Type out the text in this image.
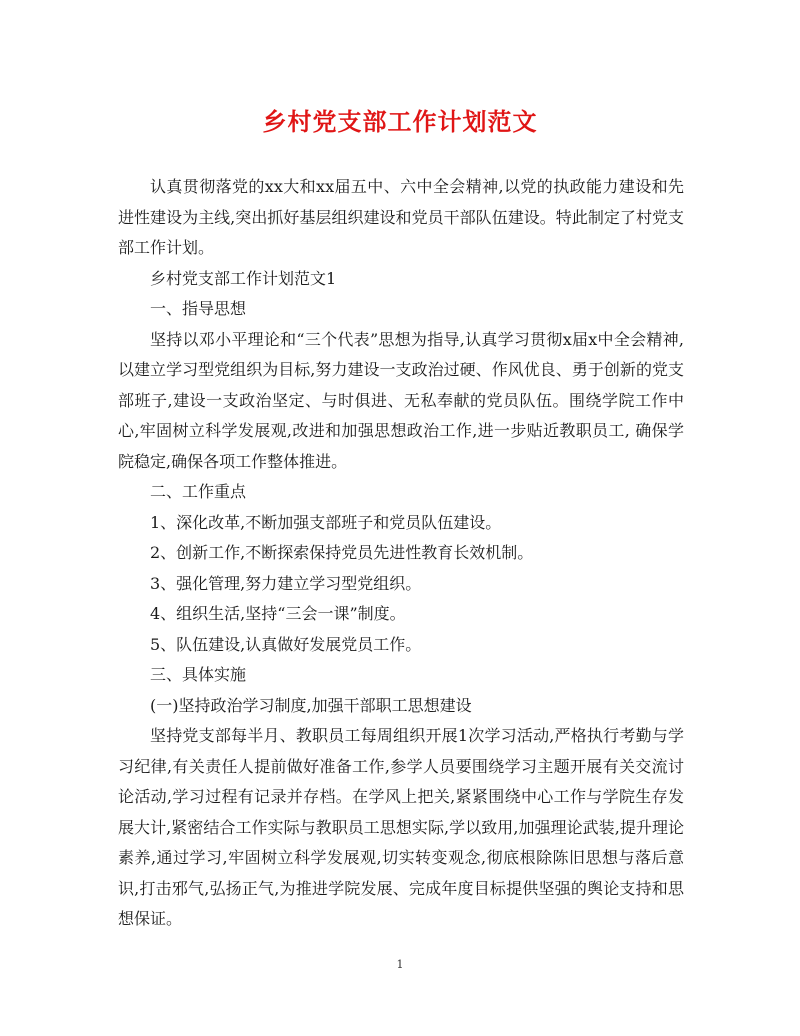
乡村党支部工作计划范文

认真贯彻落党的xx大和xx届五中、六中全会精神,以党的执政能力建设和先进性建设为主线,突出抓好基层组织建设和党员干部队伍建设。特此制定了村党支部工作计划。

乡村党支部工作计划范文1

一、指导思想

坚持以邓小平理论和“三个代表”思想为指导,认真学习贯彻x届x中全会精神,以建立学习型党组织为目标,努力建设一支政治过硬、作风优良、勇于创新的党支部班子,建设一支政治坚定、与时俱进、无私奉献的党员队伍。围绕学院工作中心,牢固树立科学发展观,改进和加强思想政治工作,进一步贴近教职员工, 确保学院稳定,确保各项工作整体推进。

二、工作重点

1、深化改革,不断加强支部班子和党员队伍建设。

2、创新工作,不断探索保持党员先进性教育长效机制。

3、强化管理,努力建立学习型党组织。

4、组织生活,坚持“三会一课”制度。

5、队伍建设,认真做好发展党员工作。

三、具体实施

(一)坚持政治学习制度,加强干部职工思想建设

坚持党支部每半月、教职员工每周组织开展1次学习活动,严格执行考勤与学习纪律,有关责任人提前做好准备工作,参学人员要围绕学习主题开展有关交流讨论活动,学习过程有记录并存档。在学风上把关,紧紧围绕中心工作与学院生存发展大计,紧密结合工作实际与教职员工思想实际,学以致用,加强理论武装,提升理论素养,通过学习,牢固树立科学发展观,切实转变观念,彻底根除陈旧思想与落后意识,打击邪气,弘扬正气,为推进学院发展、完成年度目标提供坚强的舆论支持和思想保证。

1
